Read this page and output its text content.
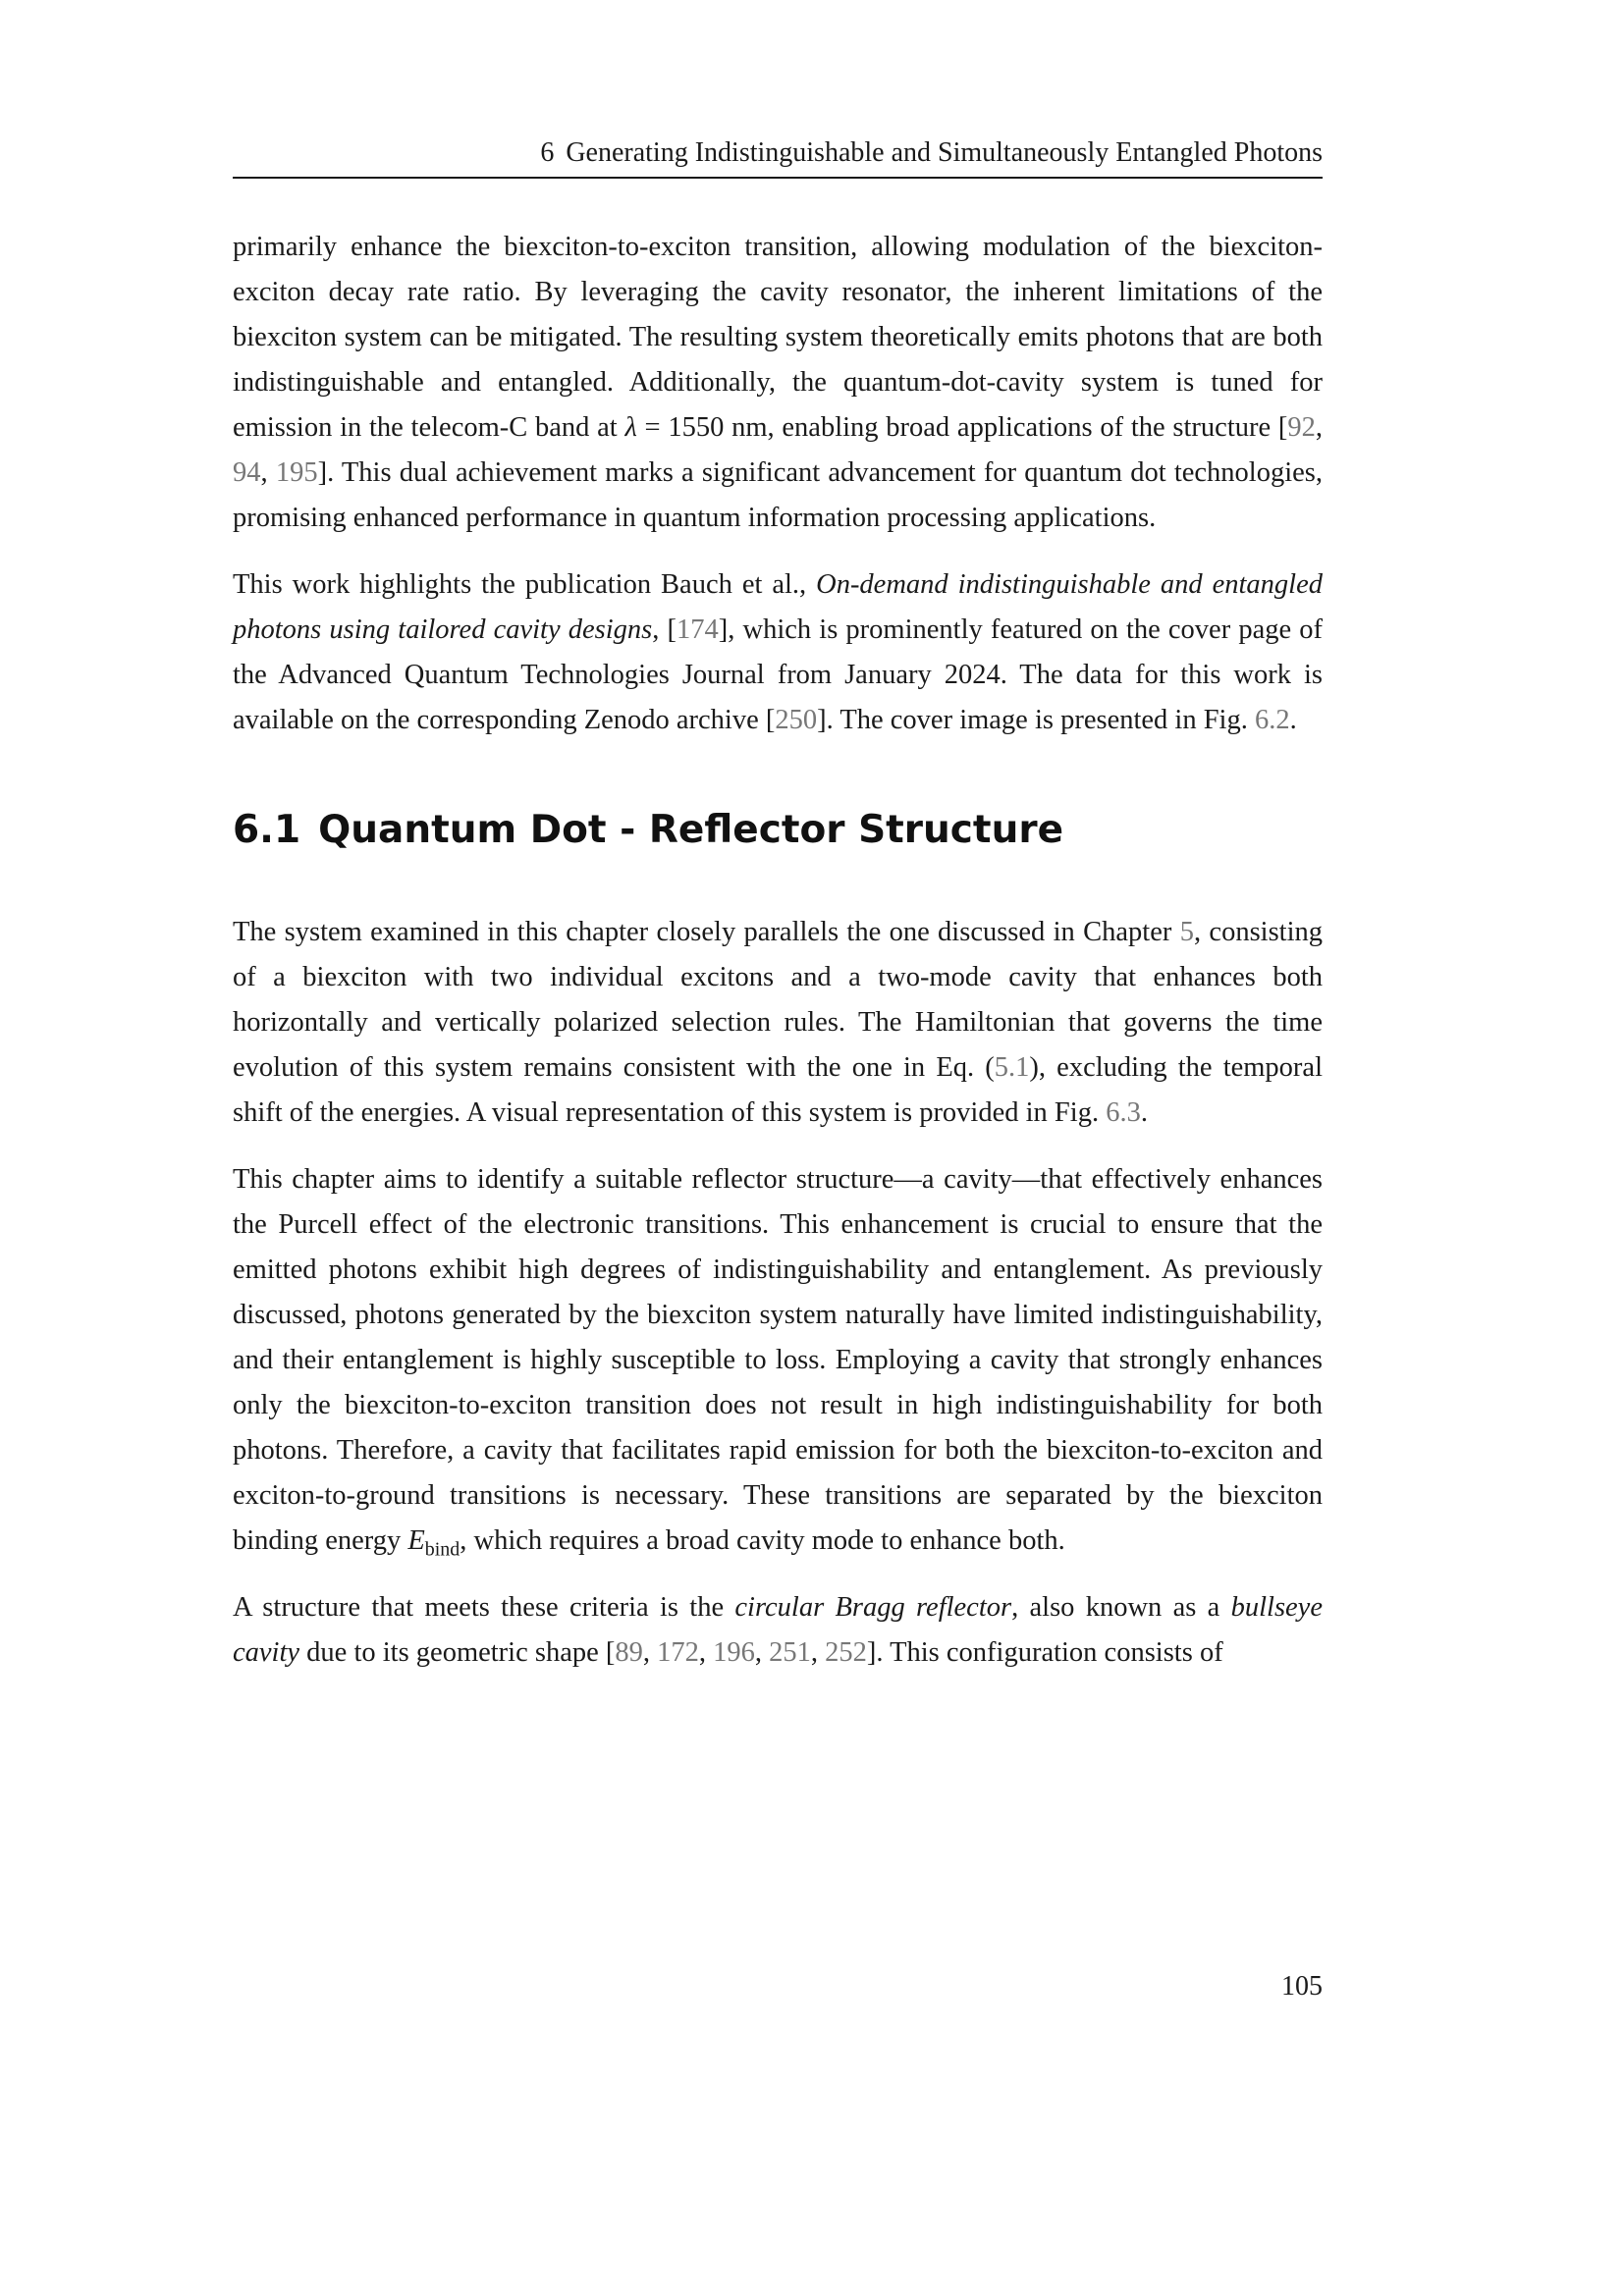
6 Generating Indistinguishable and Simultaneously Entangled Photons

primarily enhance the biexciton-to-exciton transition, allowing modulation of the biexciton-exciton decay rate ratio. By leveraging the cavity resonator, the inherent limitations of the biexciton system can be mitigated. The resulting system theoretically emits photons that are both indistinguishable and entangled. Additionally, the quantum-dot-cavity system is tuned for emission in the telecom-C band at λ = 1550 nm, enabling broad applications of the structure [92, 94, 195]. This dual achievement marks a significant advancement for quantum dot technologies, promising enhanced performance in quantum information processing applications.

This work highlights the publication Bauch et al., On-demand indistinguishable and entangled photons using tailored cavity designs, [174], which is prominently featured on the cover page of the Advanced Quantum Technologies Journal from January 2024. The data for this work is available on the corresponding Zenodo archive [250]. The cover image is presented in Fig. 6.2.

6.1 Quantum Dot - Reflector Structure

The system examined in this chapter closely parallels the one discussed in Chapter 5, consisting of a biexciton with two individual excitons and a two-mode cavity that enhances both horizontally and vertically polarized selection rules. The Hamiltonian that governs the time evolution of this system remains consistent with the one in Eq. (5.1), excluding the temporal shift of the energies. A visual representation of this system is provided in Fig. 6.3.

This chapter aims to identify a suitable reflector structure—a cavity—that effectively enhances the Purcell effect of the electronic transitions. This enhancement is crucial to ensure that the emitted photons exhibit high degrees of indistinguishability and entanglement. As previously discussed, photons generated by the biexciton system naturally have limited indistinguishability, and their entanglement is highly susceptible to loss. Employing a cavity that strongly enhances only the biexciton-to-exciton transition does not result in high indistinguishability for both photons. Therefore, a cavity that facilitates rapid emission for both the biexciton-to-exciton and exciton-to-ground transitions is necessary. These transitions are separated by the biexciton binding energy $E_{bind}$, which requires a broad cavity mode to enhance both.

A structure that meets these criteria is the circular Bragg reflector, also known as a bullseye cavity due to its geometric shape [89, 172, 196, 251, 252]. This configuration consists of

105
